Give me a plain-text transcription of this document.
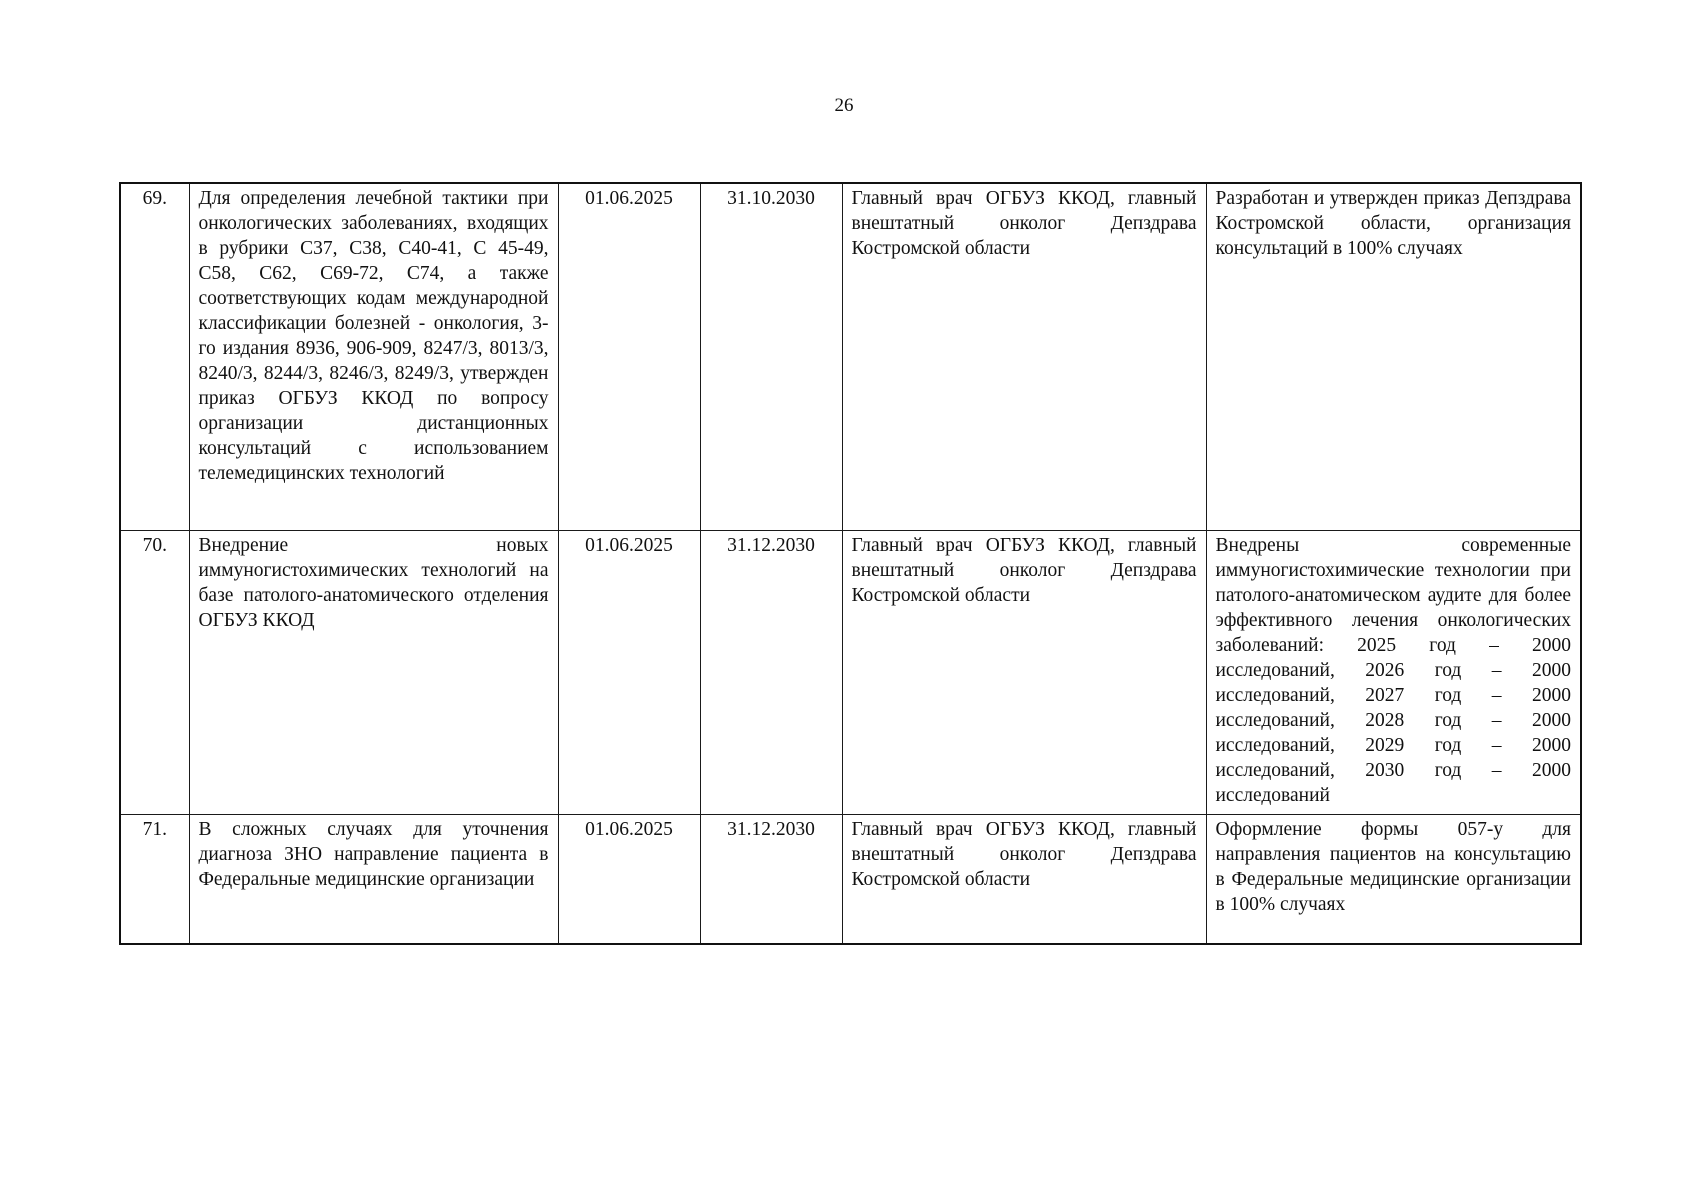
26
69.	Для определения лечебной тактики при онкологических заболеваниях, входящих в рубрики C37, C38, C40-41, C 45-49, C58, C62, C69-72, C74, а также соответствующих кодам международной классификации болезней - онкология, 3-го издания 8936, 906-909, 8247/3, 8013/3, 8240/3, 8244/3, 8246/3, 8249/3, утвержден приказ ОГБУЗ ККОД по вопросу организации дистанционных консультаций с использованием телемедицинских технологий	01.06.2025	31.10.2030	Главный врач ОГБУЗ ККОД, главный внештатный онколог Депздрава Костромской области	Разработан и утвержден приказ Депздрава Костромской области, организация консультаций в 100% случаях
70.	Внедрение новых иммуногистохимических технологий на базе патолого-анатомического отделения ОГБУЗ ККОД	01.06.2025	31.12.2030	Главный врач ОГБУЗ ККОД, главный внештатный онколог Депздрава Костромской области	Внедрены современные иммуногистохимические технологии при патолого-анатомическом аудите для более эффективного лечения онкологических заболеваний: 2025 год – 2000 исследований, 2026 год – 2000 исследований, 2027 год – 2000 исследований, 2028 год – 2000 исследований, 2029 год – 2000 исследований, 2030 год – 2000 исследований
71.	В сложных случаях для уточнения диагноза ЗНО направление пациента в Федеральные медицинские организации	01.06.2025	31.12.2030	Главный врач ОГБУЗ ККОД, главный внештатный онколог Депздрава Костромской области	Оформление формы 057-у для направления пациентов на консультацию в Федеральные медицинские организации в 100% случаях
